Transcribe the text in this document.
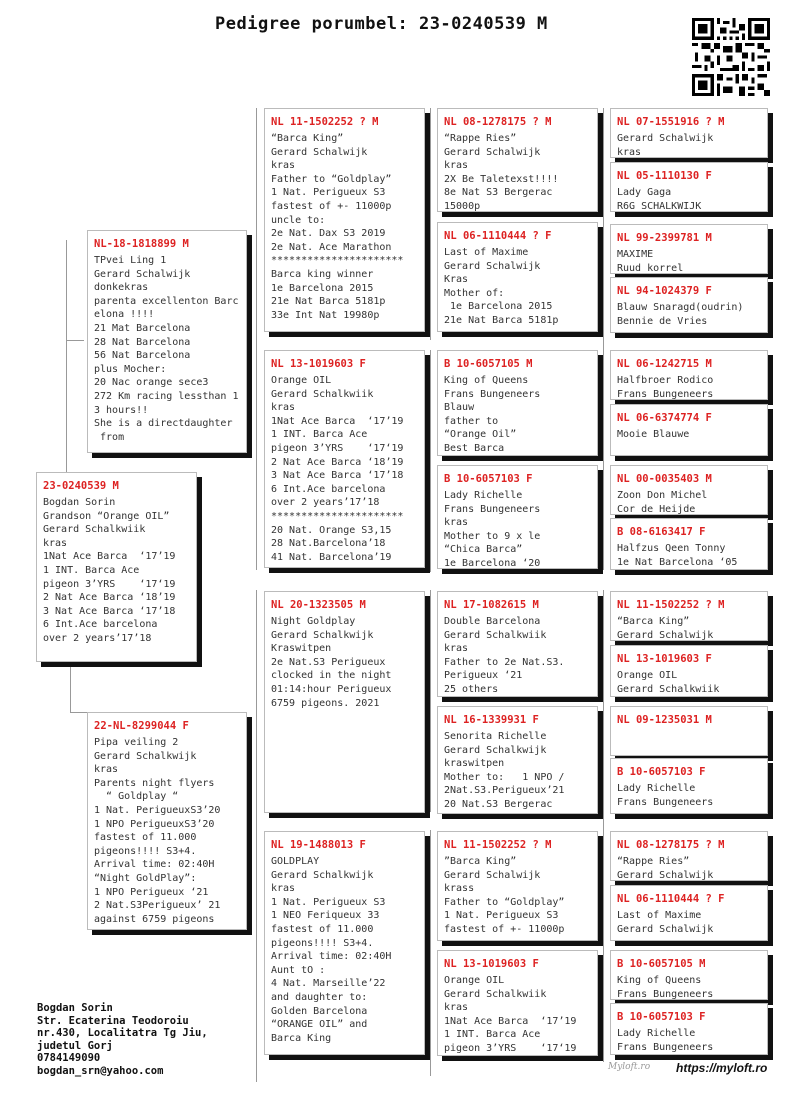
Pedigree porumbel: 23-0240539 M
23-0240539 M
Bogdan Sorin
Grandson “Orange OIL”
Gerard Schalkwiik
kras
1Nat Ace Barca  ‘17’19
1 INT. Barca Ace
pigeon 3’YRS    ‘17‘19
2 Nat Ace Barca ‘18’19
3 Nat Ace Barca ‘17’18
6 Int.Ace barcelona
over 2 years’17’18
NL-18-1818899 M
TPvei Ling 1
Gerard Schalwijk
donkekras
parenta excellenton Barc
elona !!!!
21 Mat Barcelona
28 Nat Barcelona
56 Nat Barcelona
plus Mocher:
20 Nac orange sece3
272 Km racing lessthan 1
3 hours!!
She is a directdaughter
from
22-NL-8299044 F
Pipa veiling 2
Gerard Schalkwijk
kras
Parents night flyers
“ Goldplay “
1 Nat. PerigueuxS3’20
1 NPO PerigueuxS3’20
fastest of 11.000
pigeons!!!! S3+4.
Arrival time: 02:40H
“Night GoldPlay”:
1 NPO Perigueux ‘21
2 Nat.S3Perigueux’ 21
against 6759 pigeons
NL 11-1502252 ? M
“Barca King”
Gerard Schalwijk
kras
Father to “Goldplay”
1 Nat. Perigueux S3
fastest of +- 11000p
uncle to:
2e Nat. Dax S3 2019
2e Nat. Ace Marathon
**********************
Barca king winner
1e Barcelona 2015
21e Nat Barca 5181p
33e Int Nat 19980p
NL 13-1019603 F
Orange OIL
Gerard Schalkwiik
kras
1Nat Ace Barca  ‘17’19
1 INT. Barca Ace
pigeon 3’YRS    ‘17‘19
2 Nat Ace Barca ‘18’19
3 Nat Ace Barca ‘17’18
6 Int.Ace barcelona
over 2 years’17’18
**********************
20 Nat. Orange S3,15
28 Nat.Barcelona’18
41 Nat. Barcelona’19
NL 20-1323505 M
Night Goldplay
Gerard Schalkwijk
Kraswitpen
2e Nat.S3 Perigueux
clocked in the night
01:14:hour Perigueux
6759 pigeons. 2021
NL 19-1488013 F
GOLDPLAY
Gerard Schalkwijk
kras
1 Nat. Perigueux S3
1 NEO Feriqueux 33
fastest of 11.000
pigeons!!!! S3+4.
Arrival time: 02:40H
Aunt tO :
4 Nat. Marseille’22
and daughter to:
Golden Barcelona
“ORANGE OIL” and
Barca King
NL 08-1278175 ? M
“Rappe Ries”
Gerard Schalwijk
kras
2X Be Taletexst!!!!
8e Nat S3 Bergerac
15000p
NL 06-1110444 ? F
Last of Maxime
Gerard Schalwijk
Kras
Mother of:
1e Barcelona 2015
21e Nat Barca 5181p
B 10-6057105 M
King of Queens
Frans Bungeneers
Blauw
father to
“Orange Oil”
Best Barca
B 10-6057103 F
Lady Richelle
Frans Bungeneers
kras
Mother to 9 x le
“Chica Barca”
1e Barcelona ‘20
NL 17-1082615 M
Double Barcelona
Gerard Schalkwiik
kras
Father to 2e Nat.S3.
Perigueux ‘21
25 others
NL 16-1339931 F
Senorita Richelle
Gerard Schalkwijk
kraswitpen
Mother to:   1 NPO /
2Nat.S3.Perigueux’21
20 Nat.S3 Bergerac
NL 11-1502252 ? M
”Barca King”
Gerard Schalwijk
krass
Father to “Goldplay”
1 Nat. Perigueux S3
fastest of +- 11000p
NL 13-1019603 F
Orange OIL
Gerard Schalkwiik
kras
1Nat Ace Barca  ‘17’19
1 INT. Barca Ace
pigeon 3’YRS    ‘17‘19
NL 07-1551916 ? M
Gerard Schalwijk
kras
NL 05-1110130 F
Lady Gaga
R6G SCHALKWIJK
NL 99-2399781 M
MAXIME
Ruud korrel
NL 94-1024379 F
Blauw Snaragd(oudrin)
Bennie de Vries
NL 06-1242715 M
Halfbroer Rodico
Frans Bungeneers
NL 06-6374774 F
Mooie Blauwe
NL 00-0035403 M
Zoon Don Michel
Cor de Heijde
B 08-6163417 F
Halfzus Qeen Tonny
1e Nat Barcelona ‘05
NL 11-1502252 ? M
“Barca King”
Gerard Schalwijk
NL 13-1019603 F
Orange OIL
Gerard Schalkwiik
NL 09-1235031 M
B 10-6057103 F
Lady Richelle
Frans Bungeneers
NL 08-1278175 ? M
“Rappe Ries”
Gerard Schalwijk
NL 06-1110444 ? F
Last of Maxime
Gerard Schalwijk
B 10-6057105 M
King of Queens
Frans Bungeneers
B 10-6057103 F
Lady Richelle
Frans Bungeneers
Bogdan Sorin
Str. Ecaterina Teodoroiu
nr.430, Localitatra Tg Jiu,
judetul Gorj
0784149090
bogdan_srn@yahoo.com	Myloft.ro https://myloft.ro
